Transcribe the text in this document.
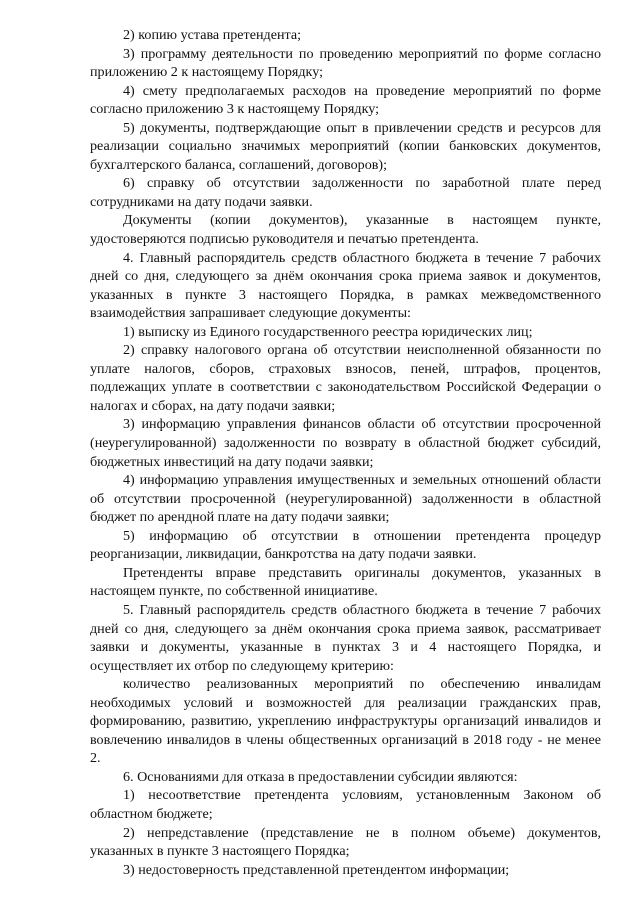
2) копию устава претендента;

3) программу деятельности по проведению мероприятий по форме согласно приложению 2 к настоящему Порядку;

4) смету предполагаемых расходов на проведение мероприятий по форме согласно приложению 3 к настоящему Порядку;

5) документы, подтверждающие опыт в привлечении средств и ресурсов для реализации социально значимых мероприятий (копии банковских документов, бухгалтерского баланса, соглашений, договоров);

6) справку об отсутствии задолженности по заработной плате перед сотрудниками на дату подачи заявки.

Документы (копии документов), указанные в настоящем пункте, удостоверяются подписью руководителя и печатью претендента.

4. Главный распорядитель средств областного бюджета в течение 7 рабочих дней со дня, следующего за днём окончания срока приема заявок и документов, указанных в пункте 3 настоящего Порядка, в рамках межведомственного взаимодействия запрашивает следующие документы:

1) выписку из Единого государственного реестра юридических лиц;

2) справку налогового органа об отсутствии неисполненной обязанности по уплате налогов, сборов, страховых взносов, пеней, штрафов, процентов, подлежащих уплате в соответствии с законодательством Российской Федерации о налогах и сборах, на дату подачи заявки;

3) информацию управления финансов области об отсутствии просроченной (неурегулированной) задолженности по возврату в областной бюджет субсидий, бюджетных инвестиций на дату подачи заявки;

4) информацию управления имущественных и земельных отношений области об отсутствии просроченной (неурегулированной) задолженности в областной бюджет по арендной плате на дату подачи заявки;

5) информацию об отсутствии в отношении претендента процедур реорганизации, ликвидации, банкротства на дату подачи заявки.

Претенденты вправе представить оригиналы документов, указанных в настоящем пункте, по собственной инициативе.

5. Главный распорядитель средств областного бюджета в течение 7 рабочих дней со дня, следующего за днём окончания срока приема заявок, рассматривает заявки и документы, указанные в пунктах 3 и 4 настоящего Порядка, и осуществляет их отбор по следующему критерию:

количество реализованных мероприятий по обеспечению инвалидам необходимых условий и возможностей для реализации гражданских прав, формированию, развитию, укреплению инфраструктуры организаций инвалидов и вовлечению инвалидов в члены общественных организаций в 2018 году - не менее 2.

6. Основаниями для отказа в предоставлении субсидии являются:

1) несоответствие претендента условиям, установленным Законом об областном бюджете;

2) непредставление (представление не в полном объеме) документов, указанных в пункте 3 настоящего Порядка;

3) недостоверность представленной претендентом информации;
